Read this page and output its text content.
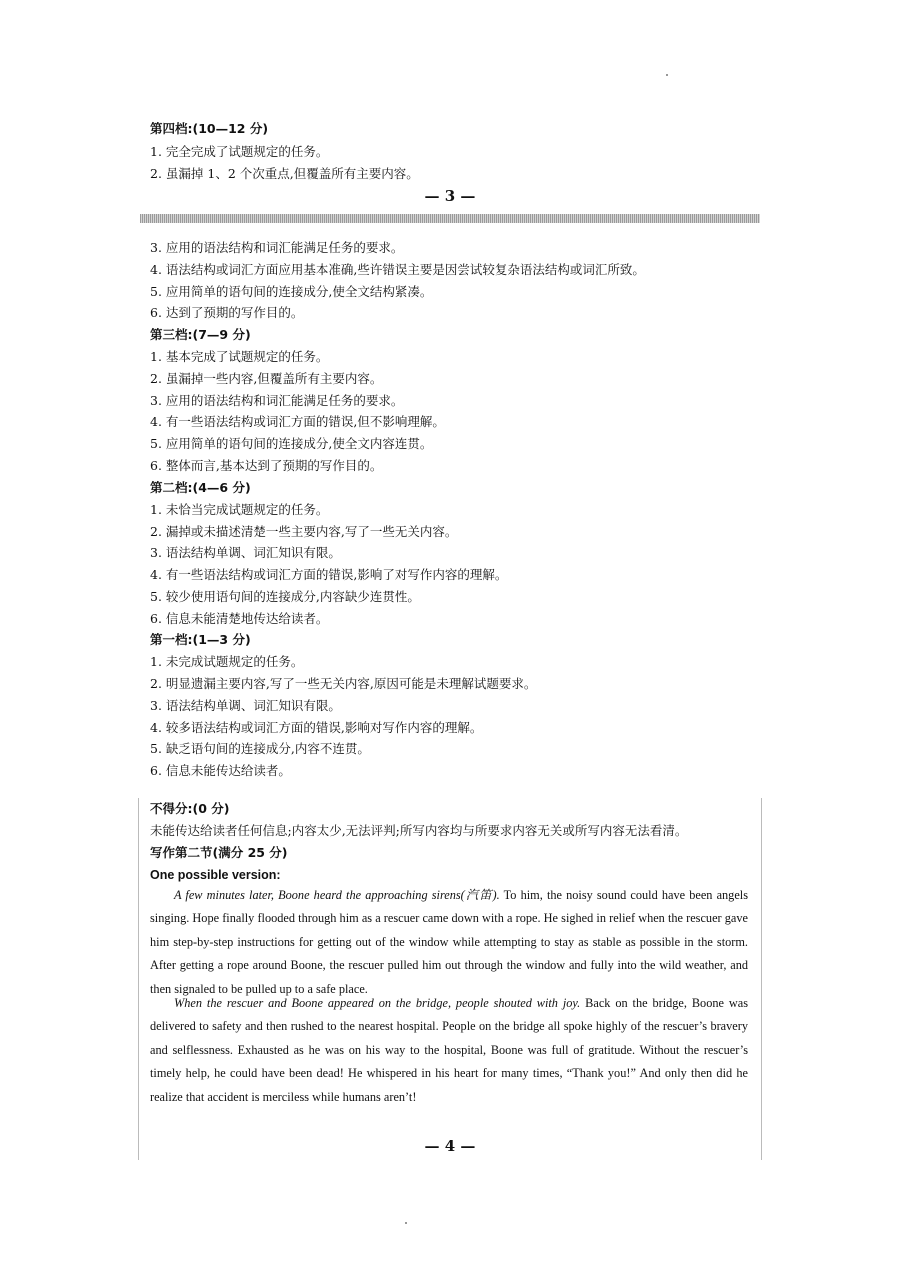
第四档:(10—12 分)
1. 完全完成了试题规定的任务。
2. 虽漏掉 1、2 个次重点,但覆盖所有主要内容。
— 3 —
3. 应用的语法结构和词汇能满足任务的要求。
4. 语法结构或词汇方面应用基本准确,些许错误主要是因尝试较复杂语法结构或词汇所致。
5. 应用简单的语句间的连接成分,使全文结构紧凑。
6. 达到了预期的写作目的。
第三档:(7—9 分)
1. 基本完成了试题规定的任务。
2. 虽漏掉一些内容,但覆盖所有主要内容。
3. 应用的语法结构和词汇能满足任务的要求。
4. 有一些语法结构或词汇方面的错误,但不影响理解。
5. 应用简单的语句间的连接成分,使全文内容连贯。
6. 整体而言,基本达到了预期的写作目的。
第二档:(4—6 分)
1. 未恰当完成试题规定的任务。
2. 漏掉或未描述清楚一些主要内容,写了一些无关内容。
3. 语法结构单调、词汇知识有限。
4. 有一些语法结构或词汇方面的错误,影响了对写作内容的理解。
5. 较少使用语句间的连接成分,内容缺少连贯性。
6. 信息未能清楚地传达给读者。
第一档:(1—3 分)
1. 未完成试题规定的任务。
2. 明显遗漏主要内容,写了一些无关内容,原因可能是未理解试题要求。
3. 语法结构单调、词汇知识有限。
4. 较多语法结构或词汇方面的错误,影响对写作内容的理解。
5. 缺乏语句间的连接成分,内容不连贯。
6. 信息未能传达给读者。
不得分:(0 分)
未能传达给读者任何信息;内容太少,无法评判;所写内容均与所要求内容无关或所写内容无法看清。
写作第二节(满分 25 分)
One possible version:

A few minutes later, Boone heard the approaching sirens(汽笛). To him, the noisy sound could have been angels singing. Hope finally flooded through him as a rescuer came down with a rope. He sighed in relief when the rescuer gave him step-by-step instructions for getting out of the window while attempting to stay as stable as possible in the storm. After getting a rope around Boone, the rescuer pulled him out through the window and fully into the wild weather, and then signaled to be pulled up to a safe place.

When the rescuer and Boone appeared on the bridge, people shouted with joy. Back on the bridge, Boone was delivered to safety and then rushed to the nearest hospital. People on the bridge all spoke highly of the rescuer’s bravery and selflessness. Exhausted as he was on his way to the hospital, Boone was full of gratitude. Without the rescuer’s timely help, he could have been dead! He whispered in his heart for many times, “Thank you!” And only then did he realize that accident is merciless while humans aren’t!

— 4 —
